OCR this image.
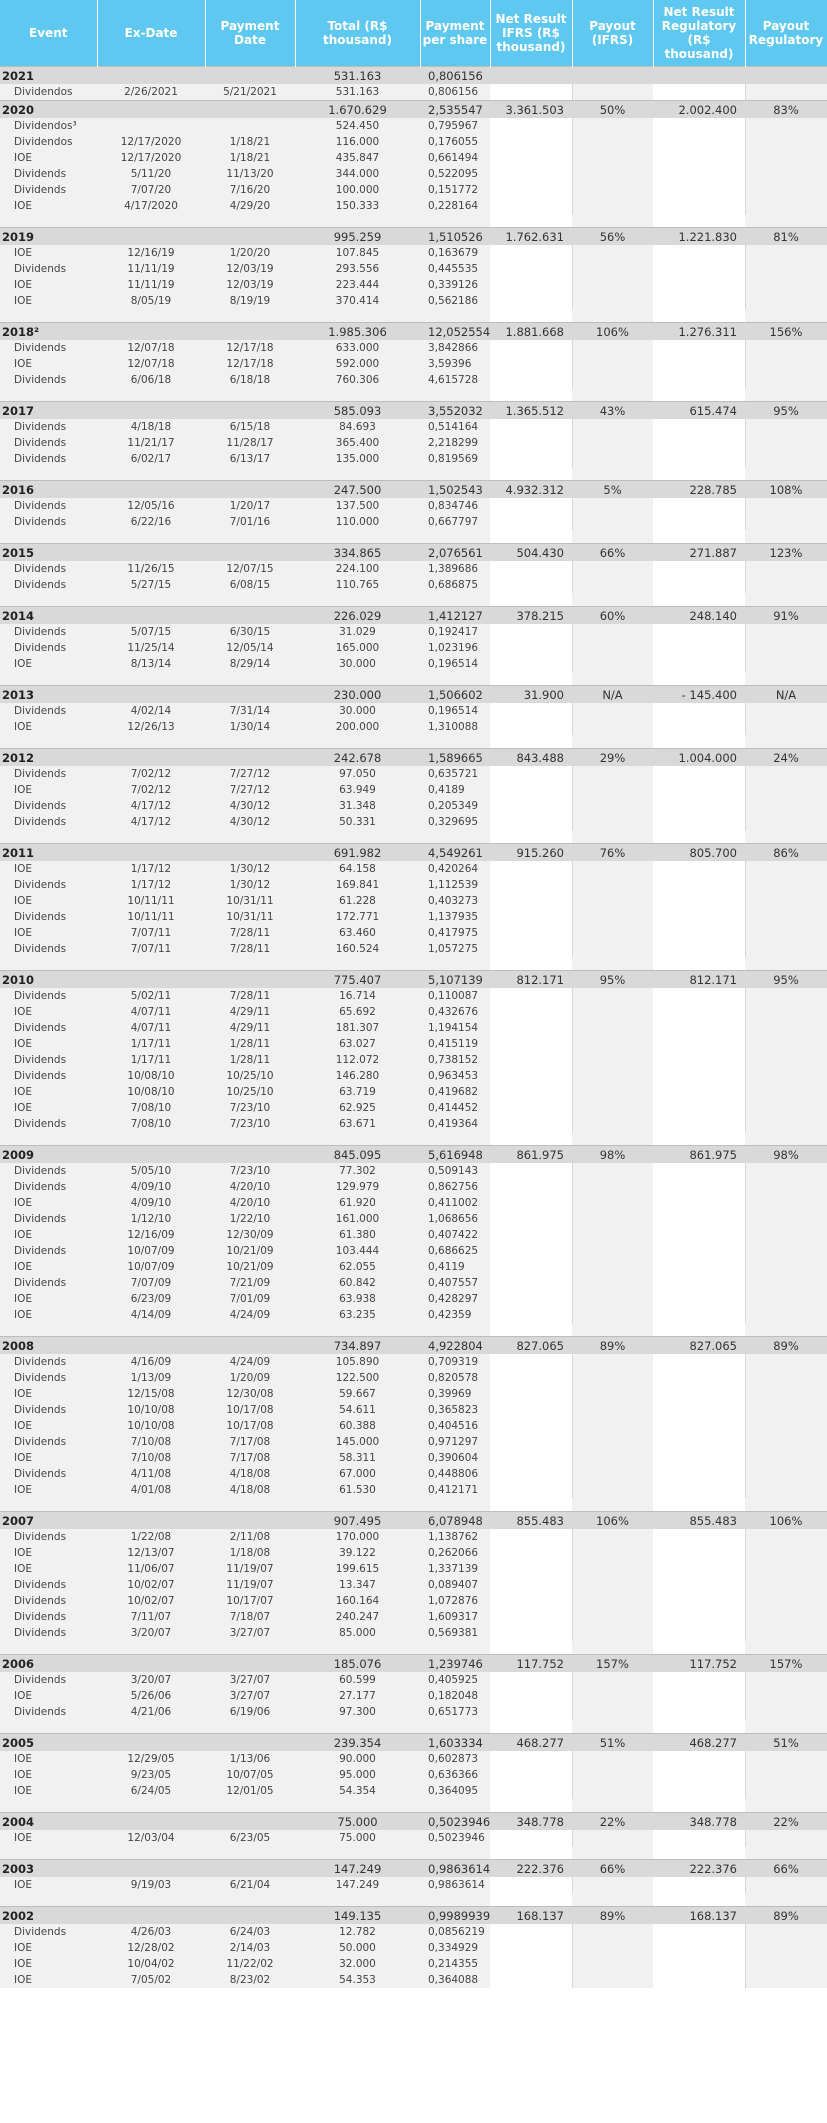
Event	Ex-Date	Payment Date	Total (R$ thousand)	Payment per share	Net Result IFRS (R$ thousand)	Payout (IFRS)	Net Result Regulatory (R$ thousand)	Payout Regulatory
2021			531.163	0,806156				
Dividendos	2/26/2021	5/21/2021	531.163	0,806156				
2020			1.670.629	2,535547	3.361.503	50%	2.002.400	83%
Dividendos³			524.450	0,795967				
Dividendos	12/17/2020	1/18/21	116.000	0,176055				
IOE	12/17/2020	1/18/21	435.847	0,661494				
Dividends	5/11/20	11/13/20	344.000	0,522095				
Dividends	7/07/20	7/16/20	100.000	0,151772				
IOE	4/17/2020	4/29/20	150.333	0,228164				

2019			995.259	1,510526	1.762.631	56%	1.221.830	81%
IOE	12/16/19	1/20/20	107.845	0,163679				
Dividends	11/11/19	12/03/19	293.556	0,445535				
IOE	11/11/19	12/03/19	223.444	0,339126				
IOE	8/05/19	8/19/19	370.414	0,562186				

2018²			1.985.306	12,052554	1.881.668	106%	1.276.311	156%
Dividends	12/07/18	12/17/18	633.000	3,842866				
IOE	12/07/18	12/17/18	592.000	3,59396				
Dividends	6/06/18	6/18/18	760.306	4,615728				

2017			585.093	3,552032	1.365.512	43%	615.474	95%
Dividends	4/18/18	6/15/18	84.693	0,514164				
Dividends	11/21/17	11/28/17	365.400	2,218299				
Dividends	6/02/17	6/13/17	135.000	0,819569				

2016			247.500	1,502543	4.932.312	5%	228.785	108%
Dividends	12/05/16	1/20/17	137.500	0,834746				
Dividends	6/22/16	7/01/16	110.000	0,667797				

2015			334.865	2,076561	504.430	66%	271.887	123%
Dividends	11/26/15	12/07/15	224.100	1,389686				
Dividends	5/27/15	6/08/15	110.765	0,686875				

2014			226.029	1,412127	378.215	60%	248.140	91%
Dividends	5/07/15	6/30/15	31.029	0,192417				
Dividends	11/25/14	12/05/14	165.000	1,023196				
IOE	8/13/14	8/29/14	30.000	0,196514				

2013			230.000	1,506602	31.900	N/A	- 145.400	N/A
Dividends	4/02/14	7/31/14	30.000	0,196514				
IOE	12/26/13	1/30/14	200.000	1,310088				

2012			242.678	1,589665	843.488	29%	1.004.000	24%
Dividends	7/02/12	7/27/12	97.050	0,635721				
IOE	7/02/12	7/27/12	63.949	0,4189				
Dividends	4/17/12	4/30/12	31.348	0,205349				
Dividends	4/17/12	4/30/12	50.331	0,329695				

2011			691.982	4,549261	915.260	76%	805.700	86%
IOE	1/17/12	1/30/12	64.158	0,420264				
Dividends	1/17/12	1/30/12	169.841	1,112539				
IOE	10/11/11	10/31/11	61.228	0,403273				
Dividends	10/11/11	10/31/11	172.771	1,137935				
IOE	7/07/11	7/28/11	63.460	0,417975				
Dividends	7/07/11	7/28/11	160.524	1,057275				

2010			775.407	5,107139	812.171	95%	812.171	95%
Dividends	5/02/11	7/28/11	16.714	0,110087				
IOE	4/07/11	4/29/11	65.692	0,432676				
Dividends	4/07/11	4/29/11	181.307	1,194154				
IOE	1/17/11	1/28/11	63.027	0,415119				
Dividends	1/17/11	1/28/11	112.072	0,738152				
Dividends	10/08/10	10/25/10	146.280	0,963453				
IOE	10/08/10	10/25/10	63.719	0,419682				
IOE	7/08/10	7/23/10	62.925	0,414452				
Dividends	7/08/10	7/23/10	63.671	0,419364				

2009			845.095	5,616948	861.975	98%	861.975	98%
Dividends	5/05/10	7/23/10	77.302	0,509143				
Dividends	4/09/10	4/20/10	129.979	0,862756				
IOE	4/09/10	4/20/10	61.920	0,411002				
Dividends	1/12/10	1/22/10	161.000	1,068656				
IOE	12/16/09	12/30/09	61.380	0,407422				
Dividends	10/07/09	10/21/09	103.444	0,686625				
IOE	10/07/09	10/21/09	62.055	0,4119				
Dividends	7/07/09	7/21/09	60.842	0,407557				
IOE	6/23/09	7/01/09	63.938	0,428297				
IOE	4/14/09	4/24/09	63.235	0,42359				

2008			734.897	4,922804	827.065	89%	827.065	89%
Dividends	4/16/09	4/24/09	105.890	0,709319				
Dividends	1/13/09	1/20/09	122.500	0,820578				
IOE	12/15/08	12/30/08	59.667	0,39969				
Dividends	10/10/08	10/17/08	54.611	0,365823				
IOE	10/10/08	10/17/08	60.388	0,404516				
Dividends	7/10/08	7/17/08	145.000	0,971297				
IOE	7/10/08	7/17/08	58.311	0,390604				
Dividends	4/11/08	4/18/08	67.000	0,448806				
IOE	4/01/08	4/18/08	61.530	0,412171				

2007			907.495	6,078948	855.483	106%	855.483	106%
Dividends	1/22/08	2/11/08	170.000	1,138762				
IOE	12/13/07	1/18/08	39.122	0,262066				
IOE	11/06/07	11/19/07	199.615	1,337139				
Dividends	10/02/07	11/19/07	13.347	0,089407				
Dividends	10/02/07	10/17/07	160.164	1,072876				
Dividends	7/11/07	7/18/07	240.247	1,609317				
Dividends	3/20/07	3/27/07	85.000	0,569381				

2006			185.076	1,239746	117.752	157%	117.752	157%
Dividends	3/20/07	3/27/07	60.599	0,405925				
IOE	5/26/06	3/27/07	27.177	0,182048				
Dividends	4/21/06	6/19/06	97.300	0,651773				

2005			239.354	1,603334	468.277	51%	468.277	51%
IOE	12/29/05	1/13/06	90.000	0,602873				
IOE	9/23/05	10/07/05	95.000	0,636366				
IOE	6/24/05	12/01/05	54.354	0,364095				

2004			75.000	0,5023946	348.778	22%	348.778	22%
IOE	12/03/04	6/23/05	75.000	0,5023946				

2003			147.249	0,9863614	222.376	66%	222.376	66%
IOE	9/19/03	6/21/04	147.249	0,9863614				

2002			149.135	0,9989939	168.137	89%	168.137	89%
Dividends	4/26/03	6/24/03	12.782	0,0856219				
IOE	12/28/02	2/14/03	50.000	0,334929				
IOE	10/04/02	11/22/02	32.000	0,214355				
IOE	7/05/02	8/23/02	54.353	0,364088				
